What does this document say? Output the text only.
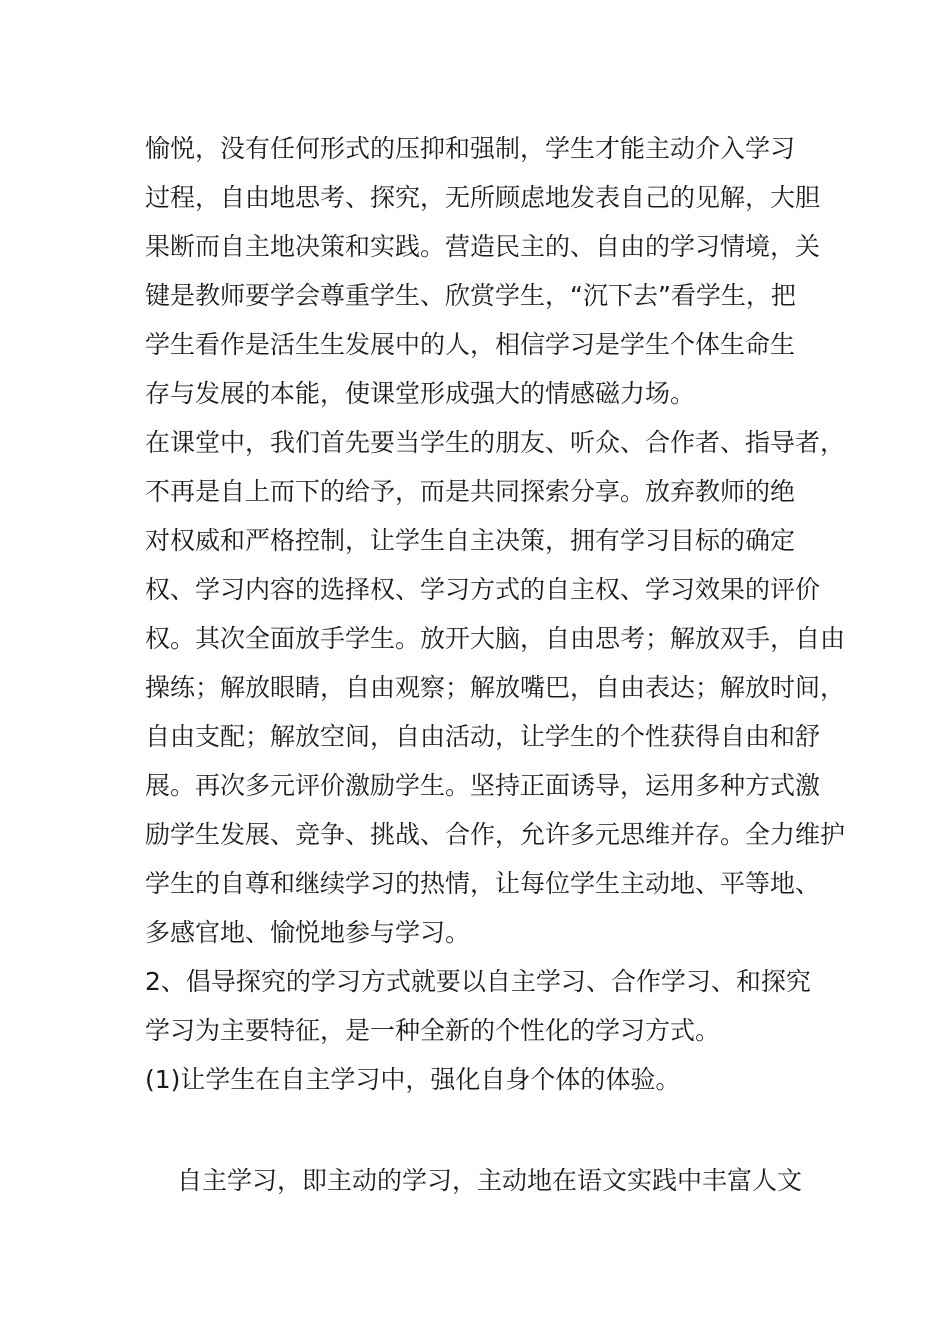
愉悦，没有任何形式的压抑和强制，学生才能主动介入学习
过程，自由地思考、探究，无所顾虑地发表自己的见解，大胆
果断而自主地决策和实践。营造民主的、自由的学习情境，关
键是教师要学会尊重学生、欣赏学生，“沉下去”看学生，把
学生看作是活生生发展中的人，相信学习是学生个体生命生
存与发展的本能，使课堂形成强大的情感磁力场。
在课堂中，我们首先要当学生的朋友、听众、合作者、指导者，
不再是自上而下的给予，而是共同探索分享。放弃教师的绝
对权威和严格控制，让学生自主决策，拥有学习目标的确定
权、学习内容的选择权、学习方式的自主权、学习效果的评价
权。其次全面放手学生。放开大脑，自由思考；解放双手，自由
操练；解放眼睛，自由观察；解放嘴巴，自由表达；解放时间，
自由支配；解放空间，自由活动，让学生的个性获得自由和舒
展。再次多元评价激励学生。坚持正面诱导，运用多种方式激
励学生发展、竞争、挑战、合作，允许多元思维并存。全力维护
学生的自尊和继续学习的热情，让每位学生主动地、平等地、
多感官地、愉悦地参与学习。
2、倡导探究的学习方式就要以自主学习、合作学习、和探究
学习为主要特征，是一种全新的个性化的学习方式。
(1)让学生在自主学习中，强化自身个体的体验。
自主学习，即主动的学习，主动地在语文实践中丰富人文
